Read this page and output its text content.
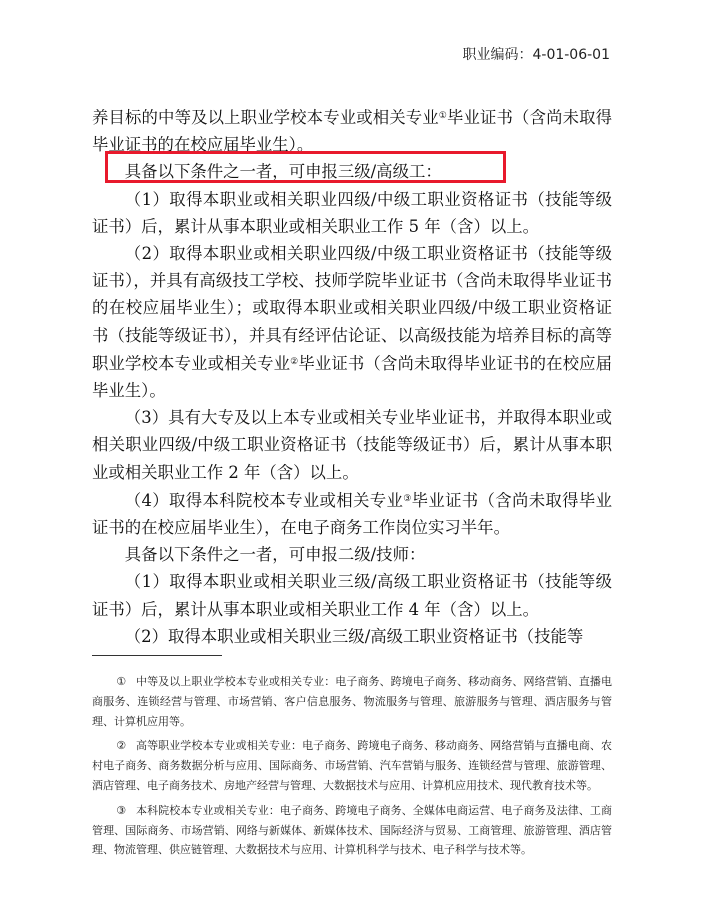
职业编码：4-01-06-01

养目标的中等及以上职业学校本专业或相关专业①毕业证书（含尚未取得毕业证书的在校应届毕业生）。

具备以下条件之一者，可申报三级/高级工：

（1）取得本职业或相关职业四级/中级工职业资格证书（技能等级证书）后，累计从事本职业或相关职业工作 5 年（含）以上。

（2）取得本职业或相关职业四级/中级工职业资格证书（技能等级证书），并具有高级技工学校、技师学院毕业证书（含尚未取得毕业证书的在校应届毕业生）；或取得本职业或相关职业四级/中级工职业资格证书（技能等级证书），并具有经评估论证、以高级技能为培养目标的高等职业学校本专业或相关专业②毕业证书（含尚未取得毕业证书的在校应届毕业生）。

（3）具有大专及以上本专业或相关专业毕业证书，并取得本职业或相关职业四级/中级工职业资格证书（技能等级证书）后，累计从事本职业或相关职业工作 2 年（含）以上。

（4）取得本科院校本专业或相关专业③毕业证书（含尚未取得毕业证书的在校应届毕业生），在电子商务工作岗位实习半年。

具备以下条件之一者，可申报二级/技师：

（1）取得本职业或相关职业三级/高级工职业资格证书（技能等级证书）后，累计从事本职业或相关职业工作 4 年（含）以上。

（2）取得本职业或相关职业三级/高级工职业资格证书（技能等

① 中等及以上职业学校本专业或相关专业：电子商务、跨境电子商务、移动商务、网络营销、直播电商服务、连锁经营与管理、市场营销、客户信息服务、物流服务与管理、旅游服务与管理、酒店服务与管理、计算机应用等。

② 高等职业学校本专业或相关专业：电子商务、跨境电子商务、移动商务、网络营销与直播电商、农村电子商务、商务数据分析与应用、国际商务、市场营销、汽车营销与服务、连锁经营与管理、旅游管理、酒店管理、电子商务技术、房地产经营与管理、大数据技术与应用、计算机应用技术、现代教育技术等。

③ 本科院校本专业或相关专业：电子商务、跨境电子商务、全媒体电商运营、电子商务及法律、工商管理、国际商务、市场营销、网络与新媒体、新媒体技术、国际经济与贸易、工商管理、旅游管理、酒店管理、物流管理、供应链管理、大数据技术与应用、计算机科学与技术、电子科学与技术等。
